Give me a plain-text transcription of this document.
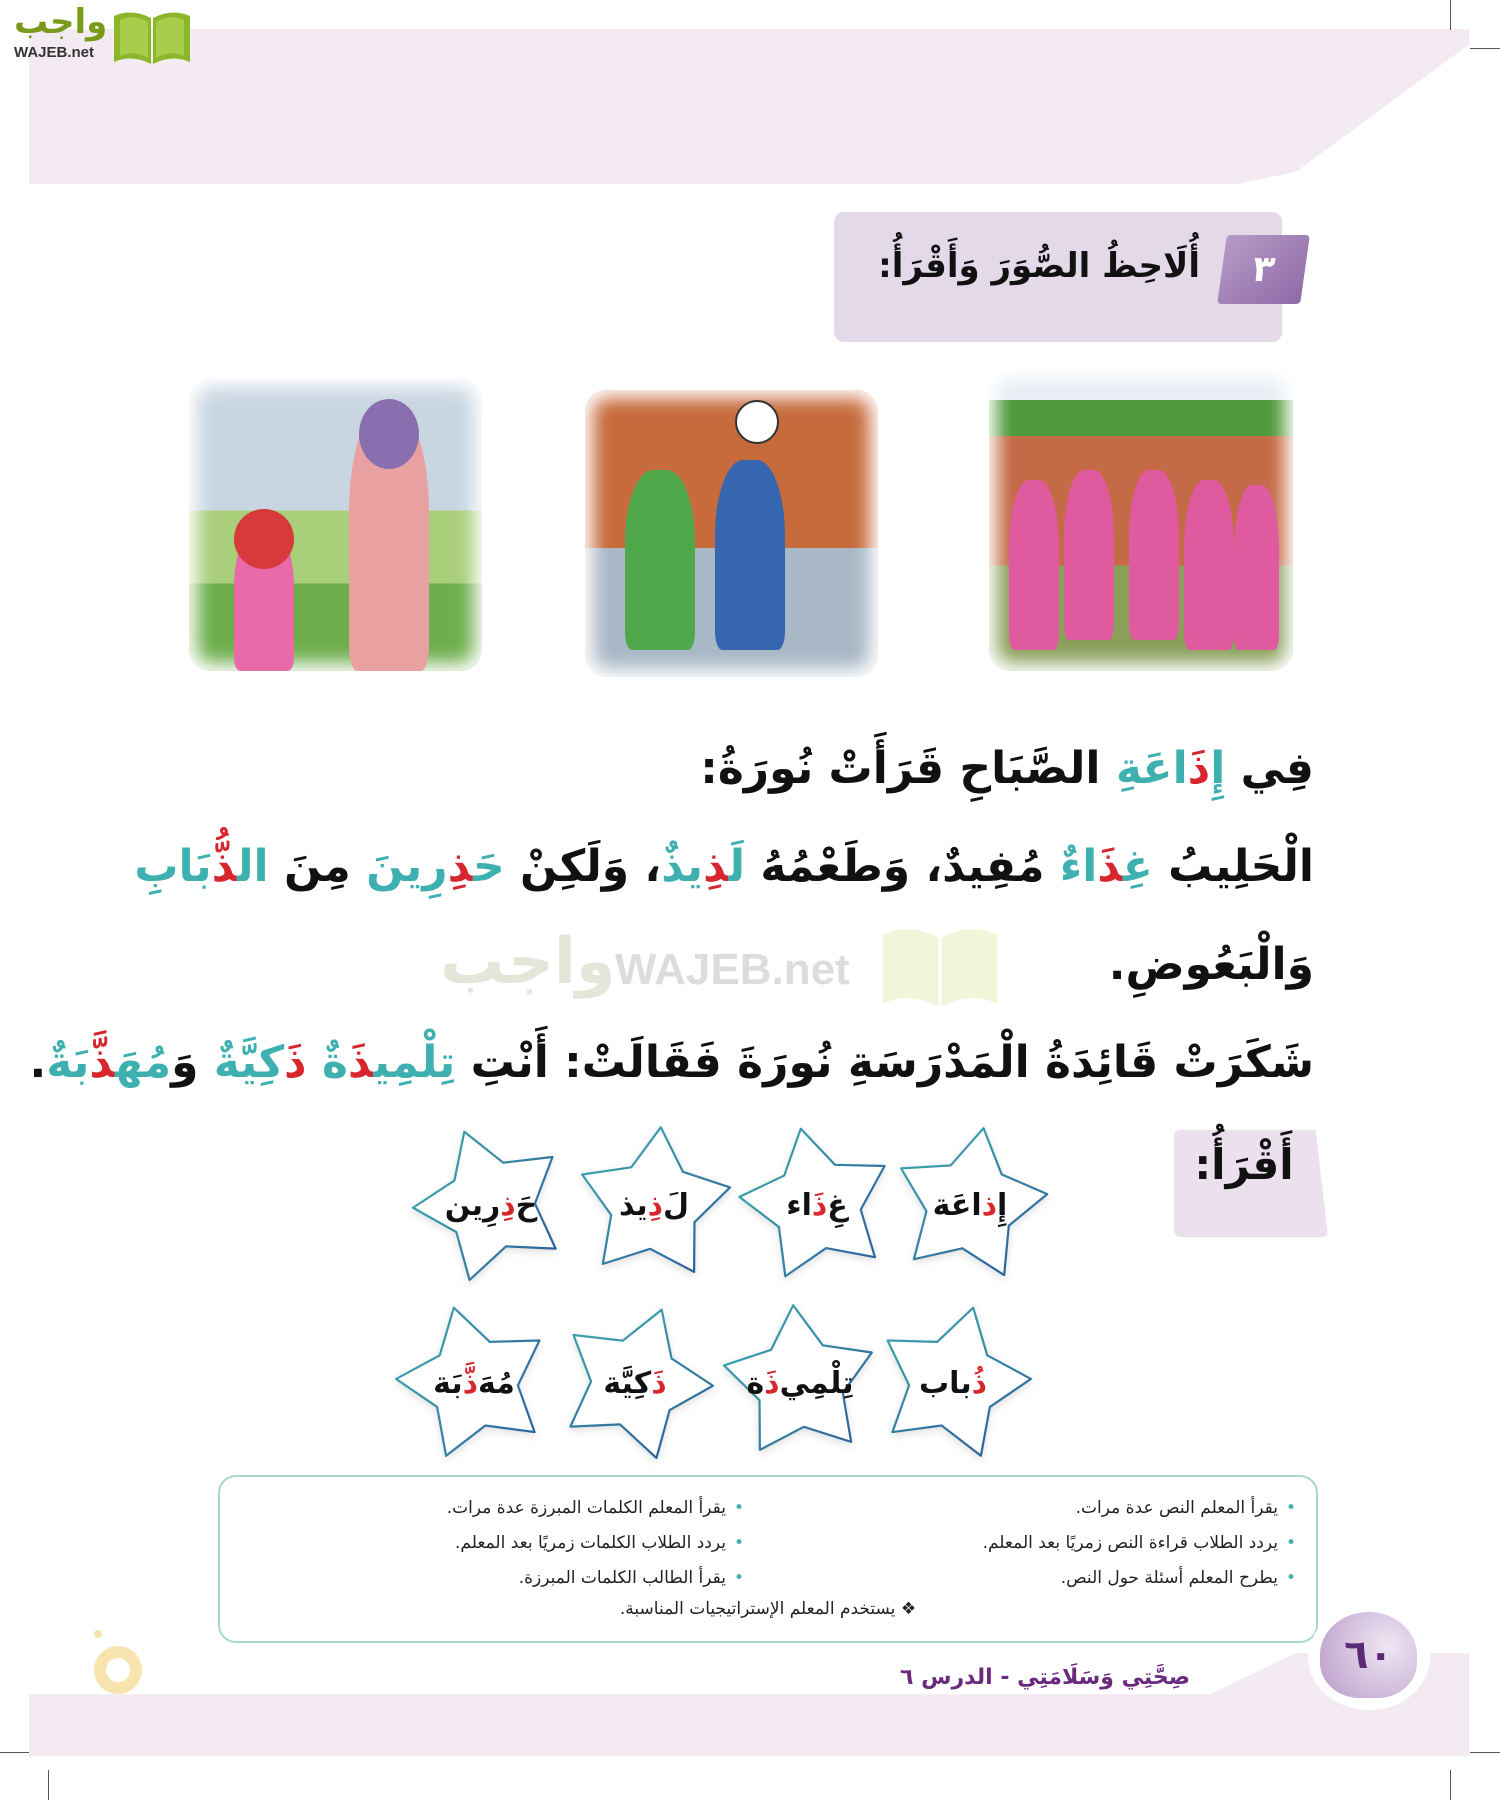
واجب
WAJEB.net
أُلَاحِظُ الصُّوَرَ وَأَقْرَأُ:	٣
فِي إِذَاعَةِ الصَّبَاحِ قَرَأَتْ نُورَةُ:
الْحَلِيبُ غِذَاءٌ مُفِيدٌ، وَطَعْمُهُ لَذِيذٌ، وَلَكِنْ حَذِرِينَ مِنَ الذُّبَابِ
وَالْبَعُوضِ.
شَكَرَتْ قَائِدَةُ الْمَدْرَسَةِ نُورَةَ فَقَالَتْ: أَنْتِ تِلْمِيذَةٌ ذَكِيَّةٌ وَمُهَذَّبَةٌ.
واجب WAJEB.net
أَقْرَأُ:
إِ
ذ
اعَة
غِ
ذَ
اء
لَ
ذِ
يذ
حَ
ذِ
رِين
ذُ
باب
تِلْمِي
ذَ
ة
ذَ
كِيَّة
مُهَ
ذَّ
بَة
•يقرأ المعلم النص عدة مرات.
•يردد الطلاب قراءة النص زمريًا بعد المعلم.
•يطرح المعلم أسئلة حول النص.
•يقرأ المعلم الكلمات المبرزة عدة مرات.
•يردد الطلاب الكلمات زمريًا بعد المعلم.
•يقرأ الطالب الكلمات المبرزة.
❖ يستخدم المعلم الإستراتيجيات المناسبة.
٦٠
صِحَّتِي وَسَلَامَتِي - الدرس ٦
